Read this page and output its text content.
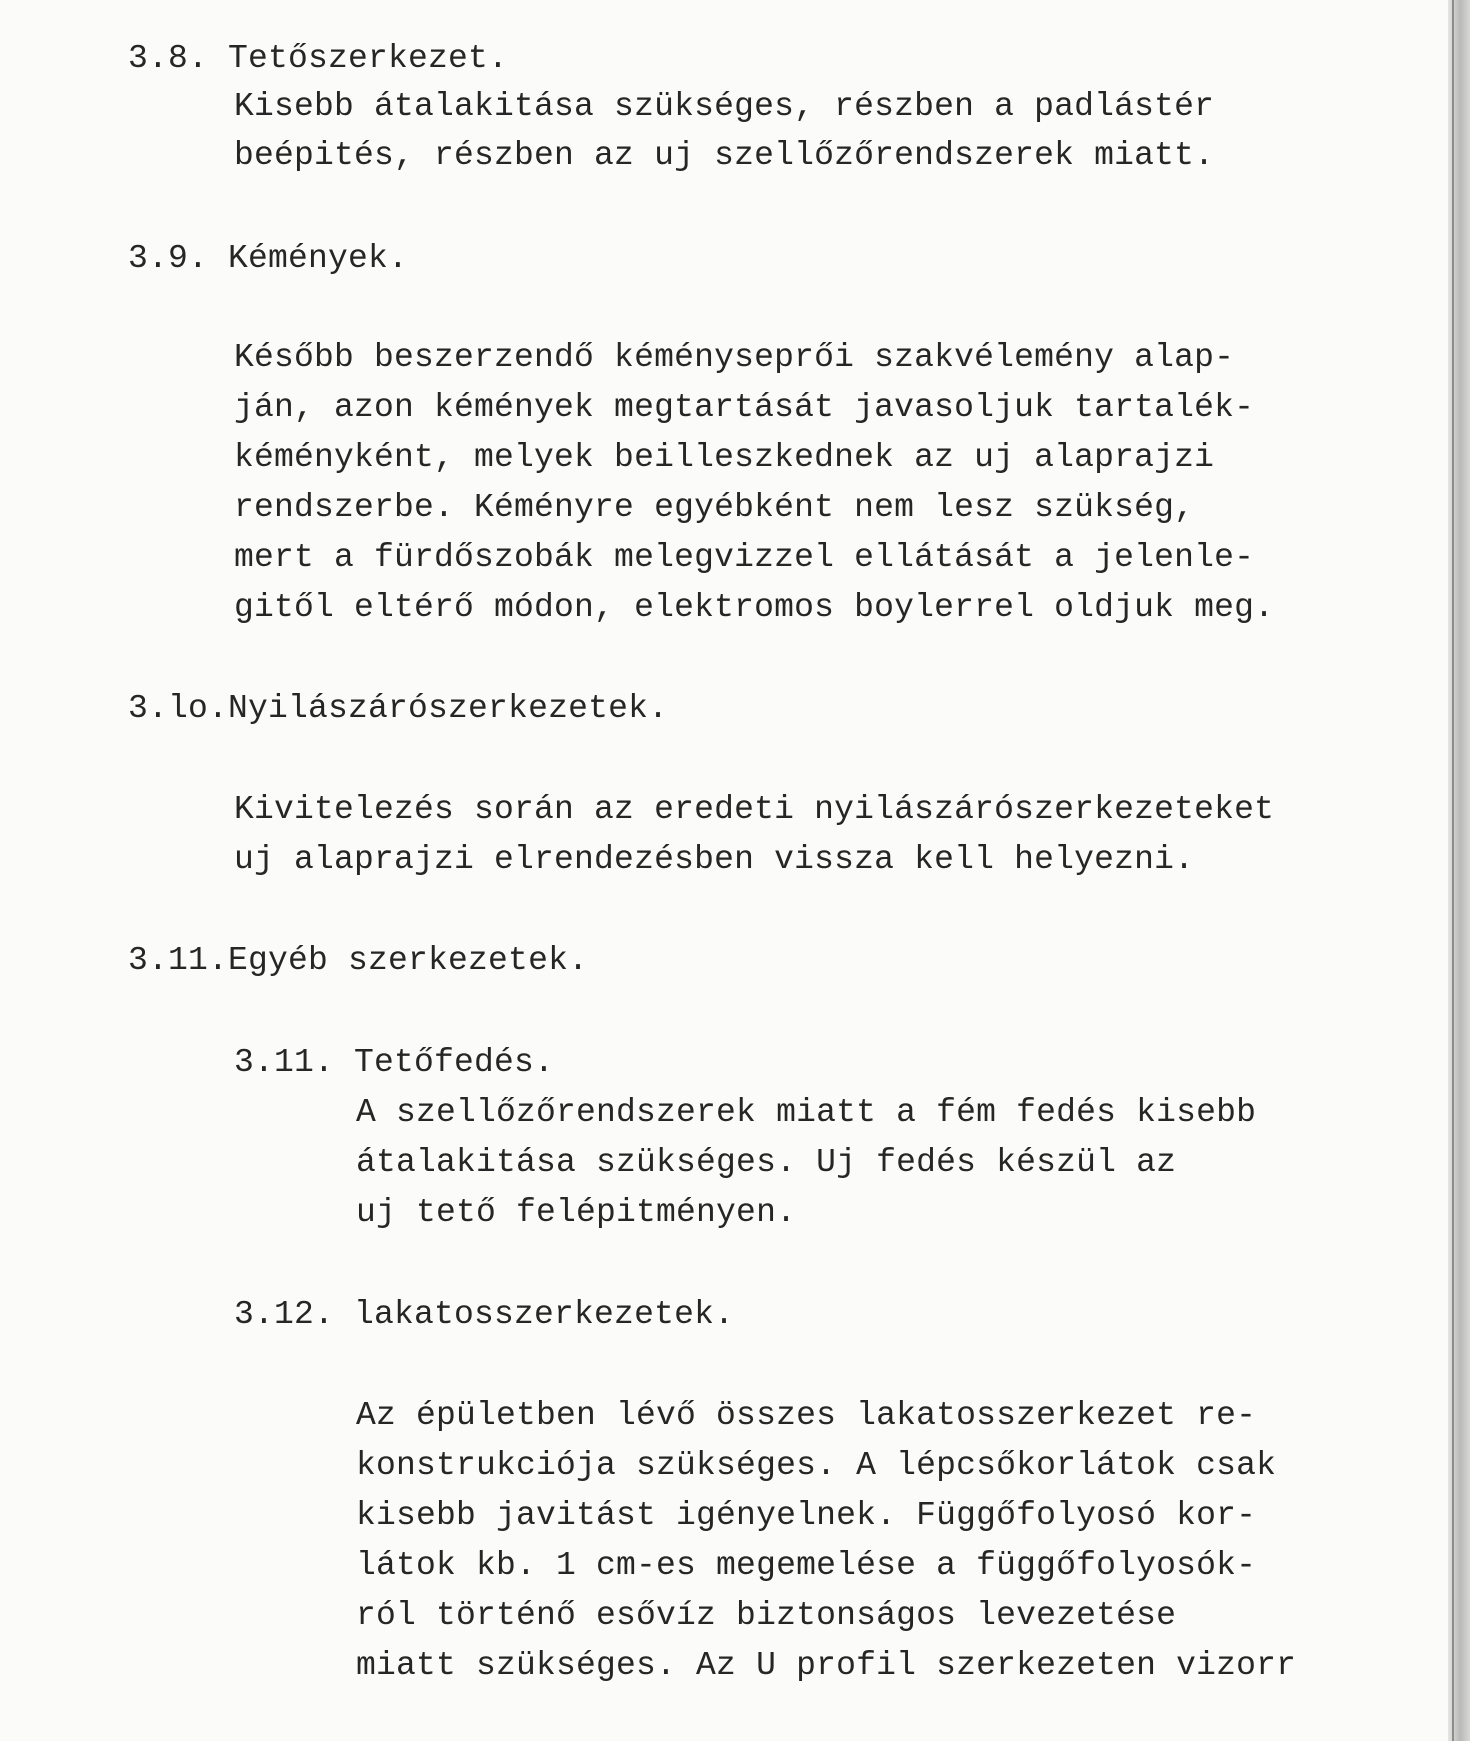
3.8. Tetőszerkezet.

Kisebb átalakitása szükséges, részben a padlástér

beépités, részben az uj szellőzőrendszerek miatt.

3.9. Kémények.

Később beszerzendő kéményseprői szakvélemény alap-

ján, azon kémények megtartását javasoljuk tartalék-

kéményként, melyek beilleszkednek az uj alaprajzi

rendszerbe. Kéményre egyébként nem lesz szükség,

mert a fürdőszobák melegvizzel ellátását a jelenle-

gitől eltérő módon, elektromos boylerrel oldjuk meg.

3.lo.Nyilászárószerkezetek.

Kivitelezés során az eredeti nyilászárószerkezeteket

uj alaprajzi elrendezésben vissza kell helyezni.

3.11.Egyéb szerkezetek.

3.11. Tetőfedés.

A szellőzőrendszerek miatt a fém fedés kisebb

átalakitása szükséges. Uj fedés készül az

uj tető felépitményen.

3.12. lakatosszerkezetek.

Az épületben lévő összes lakatosszerkezet re-

konstrukciója szükséges. A lépcsőkorlátok csak

kisebb javitást igényelnek. Függőfolyosó kor-

látok kb. 1 cm-es megemelése a függőfolyosók-

ról történő esővíz biztonságos levezetése

miatt szükséges. Az U profil szerkezeten vizorr
